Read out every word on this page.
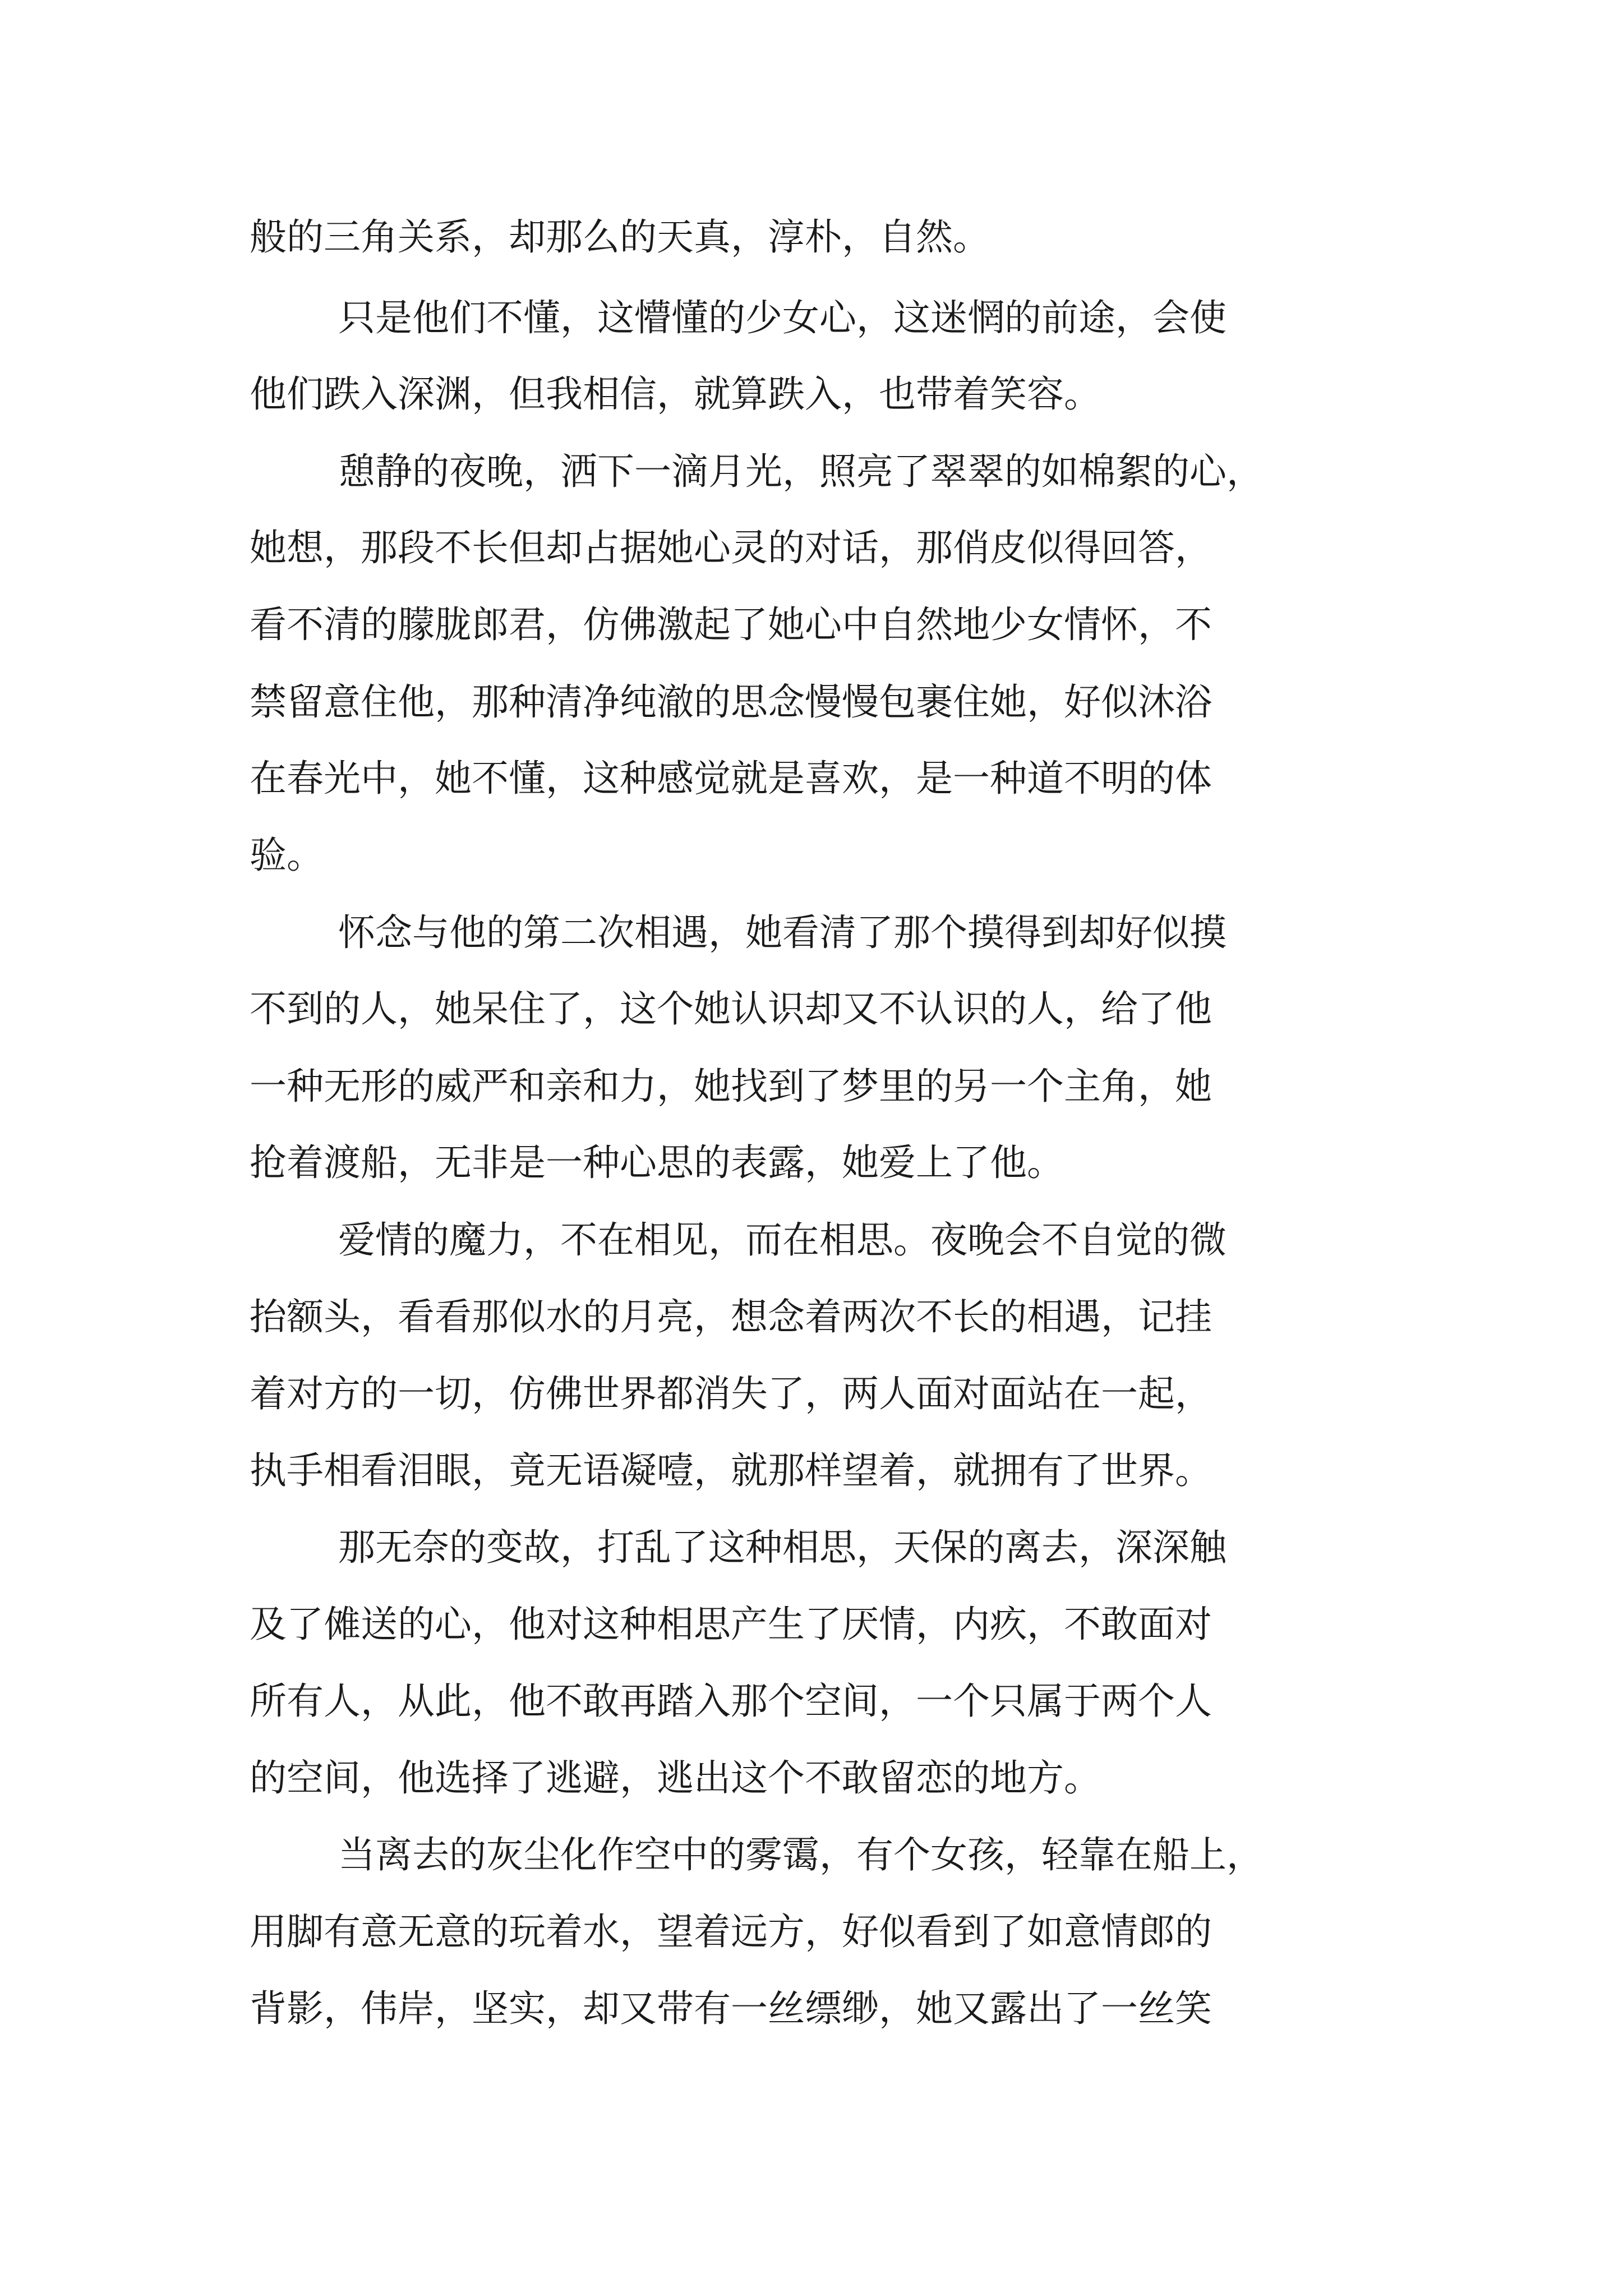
般的三角关系，却那么的天真，淳朴，自然。
只是他们不懂，这懵懂的少女心，这迷惘的前途，会使
他们跌入深渊，但我相信，就算跌入，也带着笑容。
憩静的夜晚，洒下一滴月光，照亮了翠翠的如棉絮的心，
她想，那段不长但却占据她心灵的对话，那俏皮似得回答，
看不清的朦胧郎君，仿佛激起了她心中自然地少女情怀，不
禁留意住他，那种清净纯澈的思念慢慢包裹住她，好似沐浴
在春光中，她不懂，这种感觉就是喜欢，是一种道不明的体
验。
怀念与他的第二次相遇，她看清了那个摸得到却好似摸
不到的人，她呆住了，这个她认识却又不认识的人，给了他
一种无形的威严和亲和力，她找到了梦里的另一个主角，她
抢着渡船，无非是一种心思的表露，她爱上了他。
爱情的魔力，不在相见，而在相思。夜晚会不自觉的微
抬额头，看看那似水的月亮，想念着两次不长的相遇，记挂
着对方的一切，仿佛世界都消失了，两人面对面站在一起，
执手相看泪眼，竟无语凝噎，就那样望着，就拥有了世界。
那无奈的变故，打乱了这种相思，天保的离去，深深触
及了傩送的心，他对这种相思产生了厌情，内疚，不敢面对
所有人，从此，他不敢再踏入那个空间，一个只属于两个人
的空间，他选择了逃避，逃出这个不敢留恋的地方。
当离去的灰尘化作空中的雾霭，有个女孩，轻靠在船上，
用脚有意无意的玩着水，望着远方，好似看到了如意情郎的
背影，伟岸，坚实，却又带有一丝缥缈，她又露出了一丝笑
